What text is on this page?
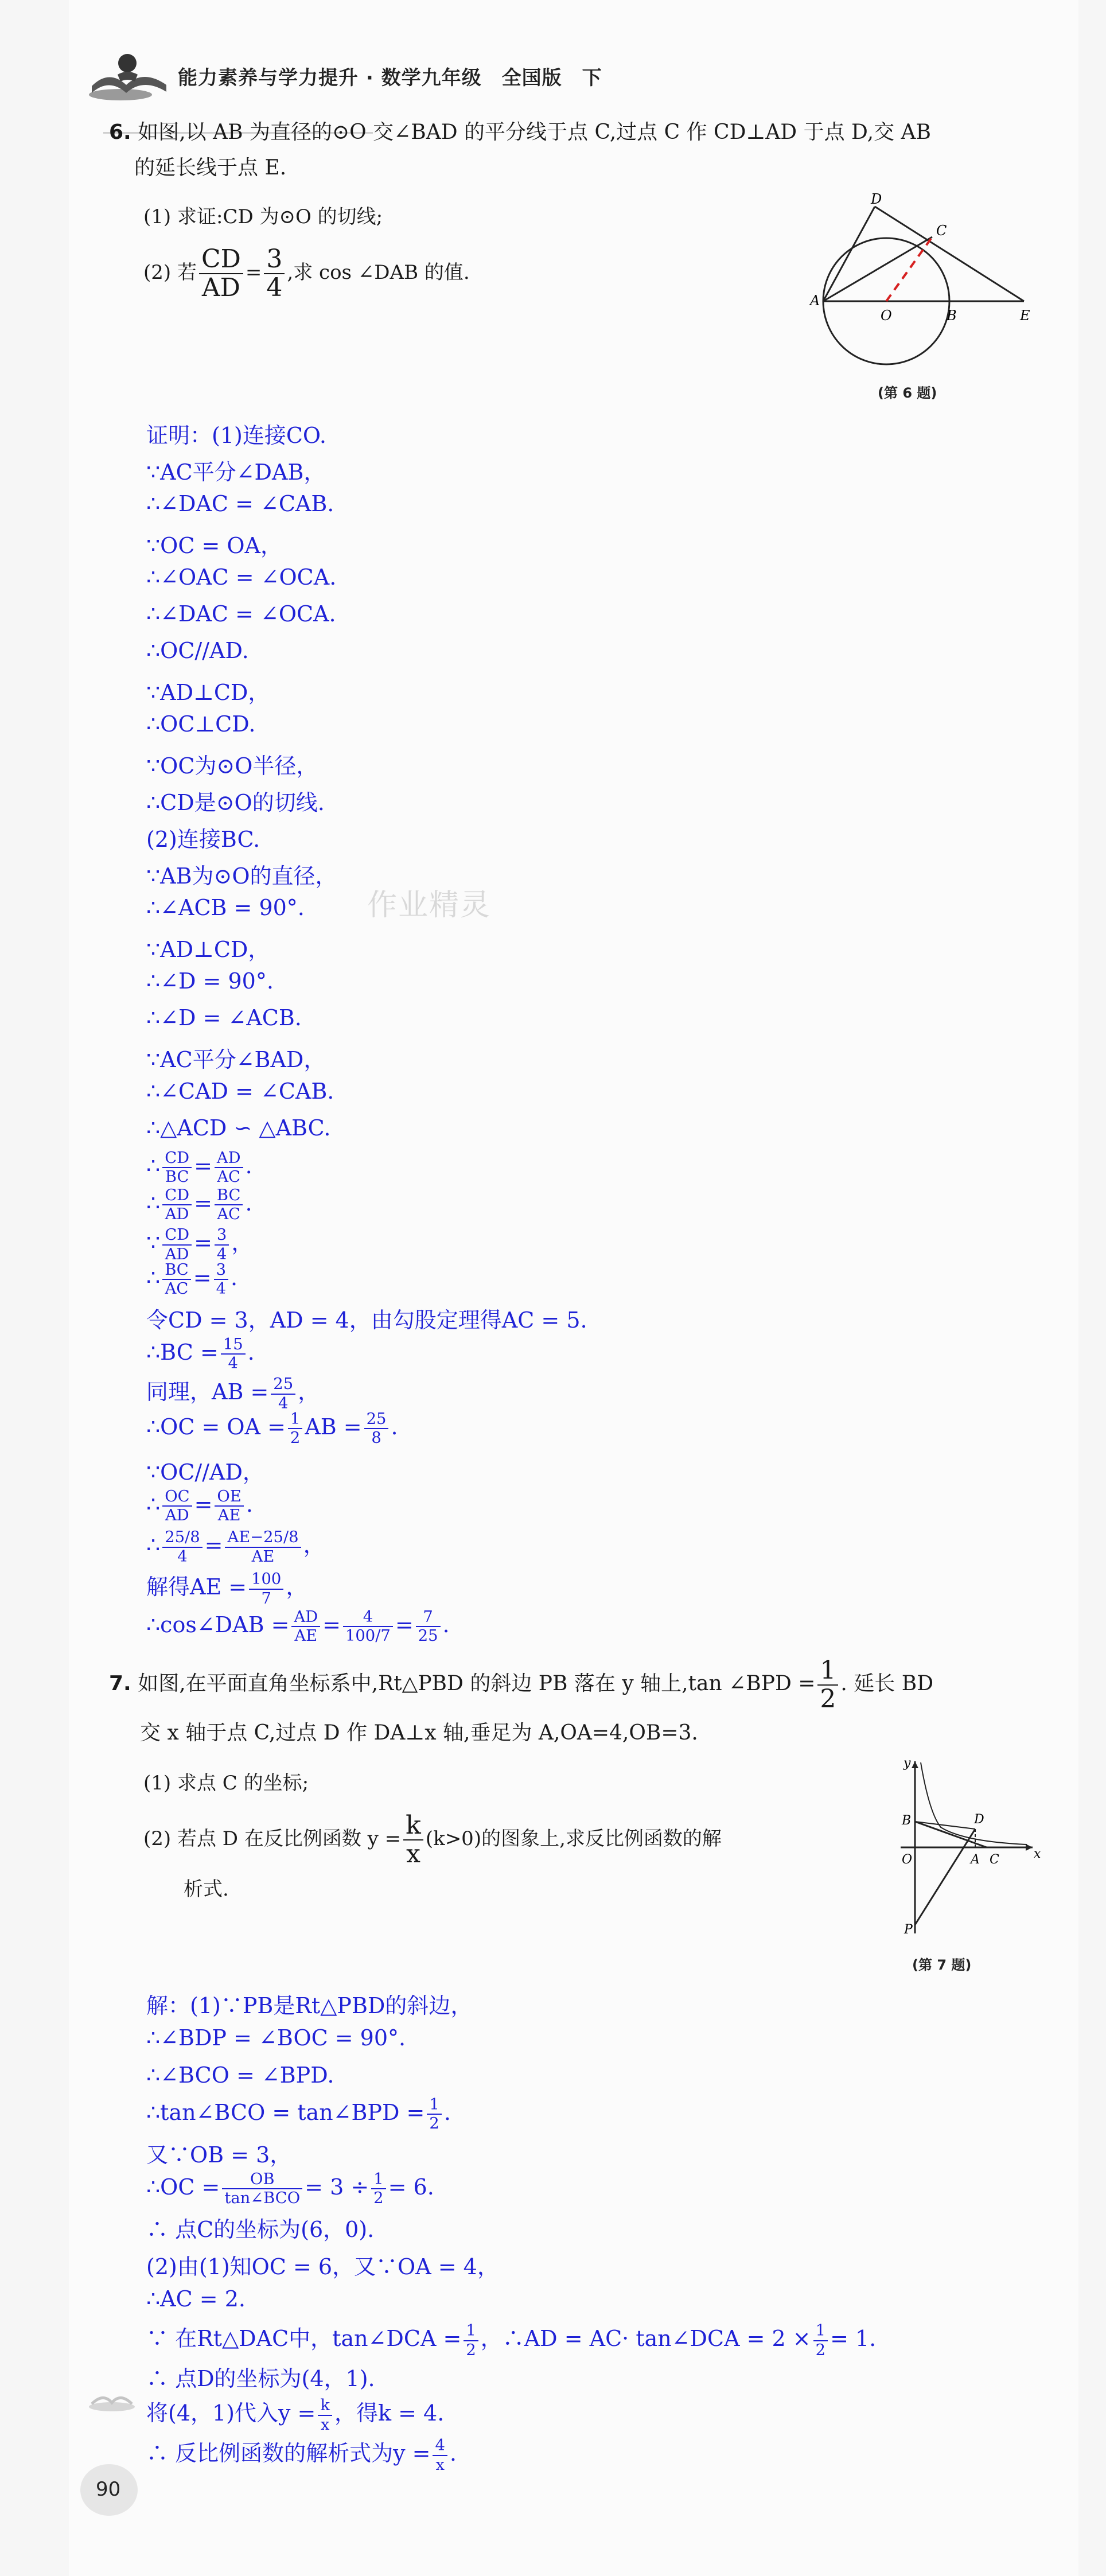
能力素养与学力提升 · 数学九年级　全国版　下
6. 如图,以 AB 为直径的⊙O 交∠BAD 的平分线于点 C,过点 C 作 CD⊥AD 于点 D,交 AB
的延长线于点 E.
(1) 求证:CD 为⊙O 的切线;
(2) 若 $\frac{CD}{AD} = \frac{3}{4}$ ,求 cos ∠DAB 的值.
D
C
A
O	B	E
(第 6 题)
证明：(1)连接CO.
∵AC平分∠DAB，
∴∠DAC = ∠CAB.
∵OC = OA，
∴∠OAC = ∠OCA.
∴∠DAC = ∠OCA.
∴OC//AD.
∵AD⊥CD，
∴OC⊥CD.
∵OC为⊙O半径，
∴CD是⊙O的切线.
(2)连接BC.
∵AB为⊙O的直径，
∴∠ACB = 90°.
∵AD⊥CD，
∴∠D = 90°.
∴∠D = ∠ACB.
∵AC平分∠BAD，
∴∠CAD = ∠CAB.
∴△ACD ∽ △ABC.
∴ $\frac{CD}{BC} = \frac{AD}{AC}$ .
∴ $\frac{CD}{AD} = \frac{BC}{AC}$ .
∵ $\frac{CD}{AD} = \frac{3}{4}$ ，
∴ $\frac{BC}{AC} = \frac{3}{4}$ .
令CD = 3，AD = 4，由勾股定理得AC = 5.
∴BC = $\frac{15}{4}$ .
同理，AB = $\frac{25}{4}$ ，
∴OC = OA = $\frac{1}{2}$ AB = $\frac{25}{8}$ .
∵OC//AD，
∴ $\frac{OC}{AD} = \frac{OE}{AE}$ .
∴ $\frac{25/8}{4} = \frac{AE-25/8}{AE}$ ，
解得AE = $\frac{100}{7}$ ，
∴cos∠DAB = $\frac{AD}{AE} = \frac{4}{100/7} = \frac{7}{25}$ .
作业精灵
7. 如图,在平面直角坐标系中,Rt△PBD 的斜边 PB 落在 y 轴上,tan ∠BPD = $\frac{1}{2}$ . 延长 BD
交 x 轴于点 C,过点 D 作 DA⊥x 轴,垂足为 A,OA=4,OB=3.
(1) 求点 C 的坐标;
(2) 若点 D 在反比例函数 $y = \frac{k}{x} (k>0)$的图象上,求反比例函数的解
析式.
y
x
B	D
O	A C
P
(第 7 题)
解：(1)∵PB是Rt△PBD的斜边，
∴∠BDP = ∠BOC = 90°.
∴∠BCO = ∠BPD.
∴tan∠BCO = tan∠BPD = $\frac{1}{2}$ .
又∵OB = 3，
∴OC = $\frac{OB}{\text{tan∠BCO}} = 3 \div \frac{1}{2} = 6$.
∴ 点C的坐标为(6，0).
(2)由(1)知OC = 6，又∵OA = 4，
∴AC = 2.
∵ 在Rt△DAC中，tan∠DCA = $\frac{1}{2}$ ，∴AD = AC· tan∠DCA = $2 \times \frac{1}{2} = 1$.
∴ 点D的坐标为(4，1).
将(4，1)代入$y = \frac{k}{x}$ ，得k = 4.
∴ 反比例函数的解析式为$y = \frac{4}{x}$ .
90
